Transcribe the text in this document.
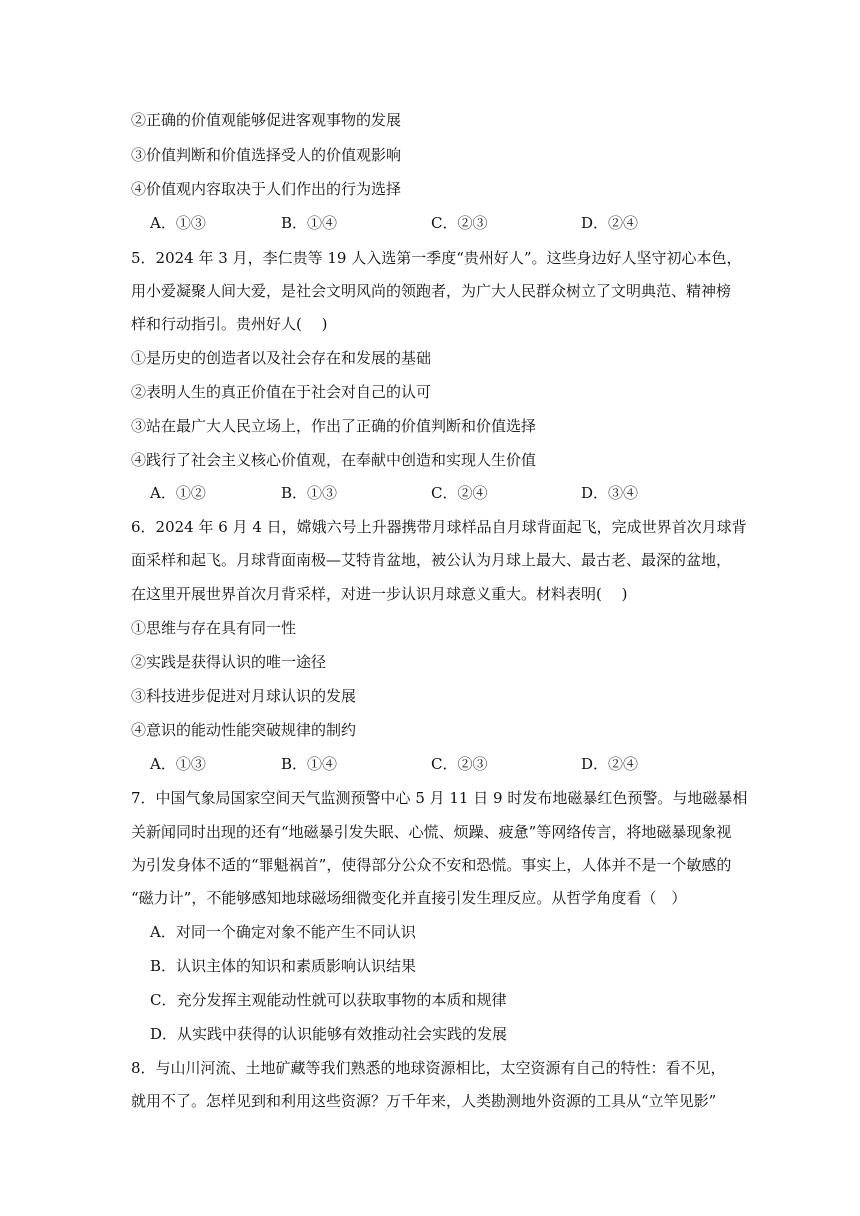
②正确的价值观能够促进客观事物的发展
③价值判断和价值选择受人的价值观影响
④价值观内容取决于人们作出的行为选择
A．①③	B．①④	C．②③	D．②④
5．2024 年 3 月，李仁贵等 19 人入选第一季度“贵州好人”。这些身边好人坚守初心本色，
用小爱凝聚人间大爱，是社会文明风尚的领跑者，为广大人民群众树立了文明典范、精神榜
样和行动指引。贵州好人(　 )
①是历史的创造者以及社会存在和发展的基础
②表明人生的真正价值在于社会对自己的认可
③站在最广大人民立场上，作出了正确的价值判断和价值选择
④践行了社会主义核心价值观，在奉献中创造和实现人生价值
A．①②	B．①③	C．②④	D．③④
6．2024 年 6 月 4 日，嫦娥六号上升器携带月球样品自月球背面起飞，完成世界首次月球背
面采样和起飞。月球背面南极—艾特肯盆地，被公认为月球上最大、最古老、最深的盆地，
在这里开展世界首次月背采样，对进一步认识月球意义重大。材料表明(　 )
①思维与存在具有同一性
②实践是获得认识的唯一途径
③科技进步促进对月球认识的发展
④意识的能动性能突破规律的制约
A．①③	B．①④	C．②③	D．②④
7．中国气象局国家空间天气监测预警中心 5 月 11 日 9 时发布地磁暴红色预警。与地磁暴相
关新闻同时出现的还有“地磁暴引发失眠、心慌、烦躁、疲惫”等网络传言，将地磁暴现象视
为引发身体不适的“罪魁祸首”，使得部分公众不安和恐慌。事实上，人体并不是一个敏感的
“磁力计”，不能够感知地球磁场细微变化并直接引发生理反应。从哲学角度看（　）
A．对同一个确定对象不能产生不同认识
B．认识主体的知识和素质影响认识结果
C．充分发挥主观能动性就可以获取事物的本质和规律
D．从实践中获得的认识能够有效推动社会实践的发展
8．与山川河流、土地矿藏等我们熟悉的地球资源相比，太空资源有自己的特性：看不见，
就用不了。怎样见到和利用这些资源？万千年来，人类勘测地外资源的工具从“立竿见影”
